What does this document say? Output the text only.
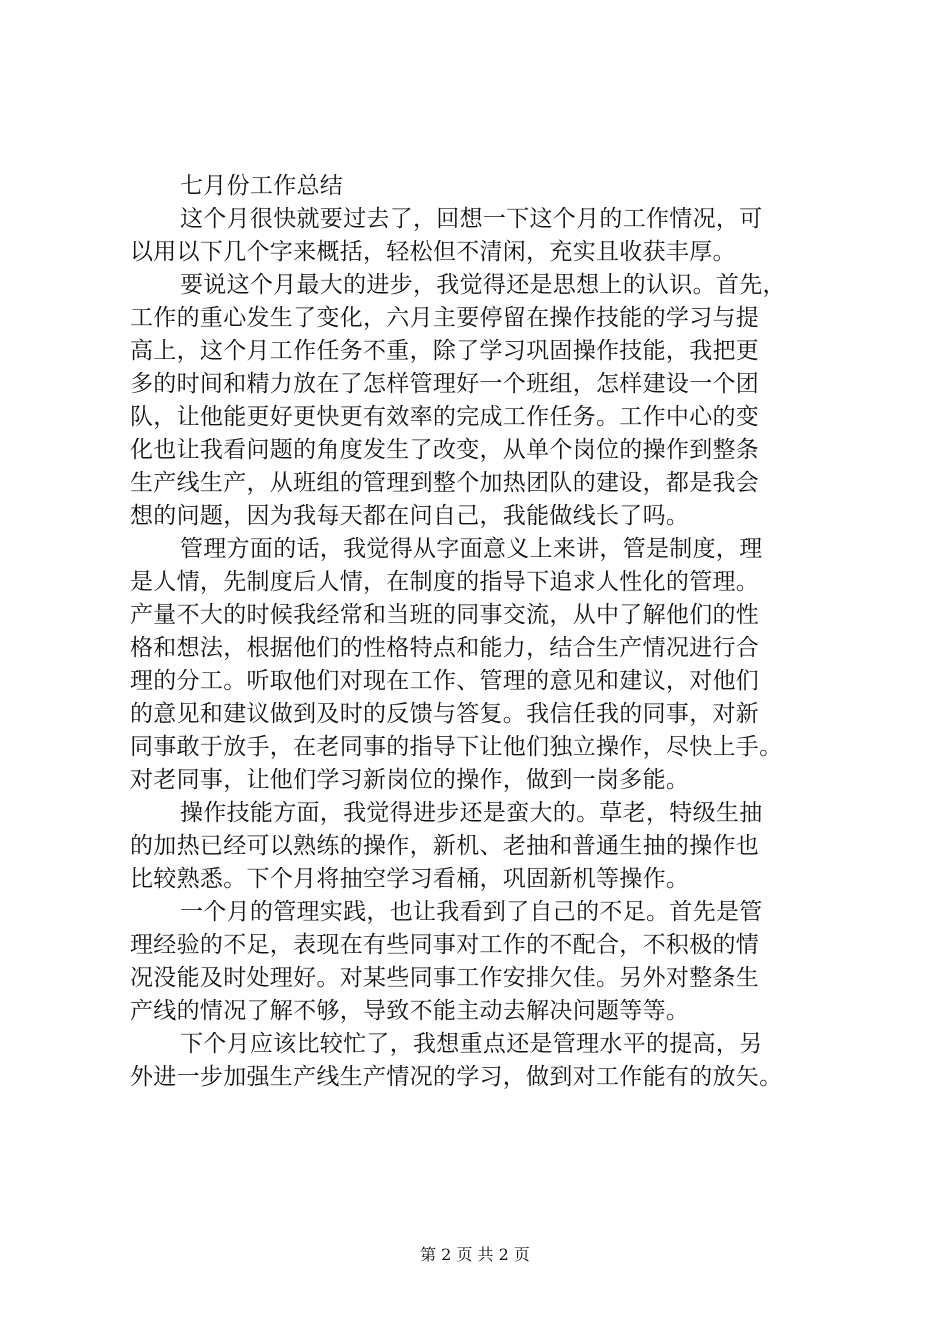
七月份工作总结
这个月很快就要过去了，回想一下这个月的工作情况，可
以用以下几个字来概括，轻松但不清闲，充实且收获丰厚。
要说这个月最大的进步，我觉得还是思想上的认识。首先，
工作的重心发生了变化，六月主要停留在操作技能的学习与提
高上，这个月工作任务不重，除了学习巩固操作技能，我把更
多的时间和精力放在了怎样管理好一个班组，怎样建设一个团
队，让他能更好更快更有效率的完成工作任务。工作中心的变
化也让我看问题的角度发生了改变，从单个岗位的操作到整条
生产线生产，从班组的管理到整个加热团队的建设，都是我会
想的问题，因为我每天都在问自己，我能做线长了吗。
管理方面的话，我觉得从字面意义上来讲，管是制度，理
是人情，先制度后人情，在制度的指导下追求人性化的管理。
产量不大的时候我经常和当班的同事交流，从中了解他们的性
格和想法，根据他们的性格特点和能力，结合生产情况进行合
理的分工。听取他们对现在工作、管理的意见和建议，对他们
的意见和建议做到及时的反馈与答复。我信任我的同事，对新
同事敢于放手，在老同事的指导下让他们独立操作，尽快上手。
对老同事，让他们学习新岗位的操作，做到一岗多能。
操作技能方面，我觉得进步还是蛮大的。草老，特级生抽
的加热已经可以熟练的操作，新机、老抽和普通生抽的操作也
比较熟悉。下个月将抽空学习看桶，巩固新机等操作。
一个月的管理实践，也让我看到了自己的不足。首先是管
理经验的不足，表现在有些同事对工作的不配合，不积极的情
况没能及时处理好。对某些同事工作安排欠佳。另外对整条生
产线的情况了解不够，导致不能主动去解决问题等等。
下个月应该比较忙了，我想重点还是管理水平的提高，另
外进一步加强生产线生产情况的学习，做到对工作能有的放矢。
第 2 页 共 2 页
